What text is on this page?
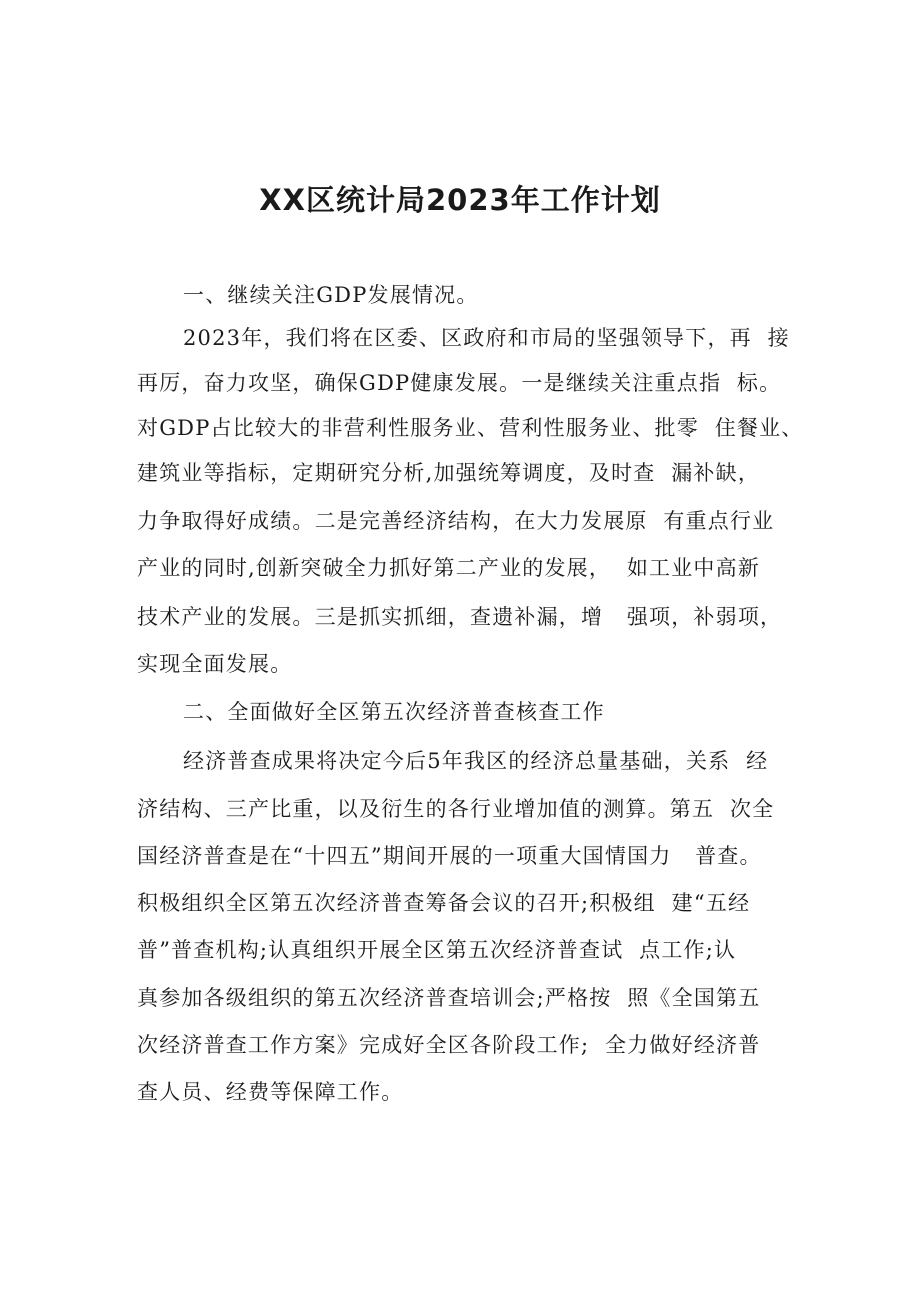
XX区统计局2023年工作计划
一、继续关注GDP发展情况。
2023年，我们将在区委、区政府和市局的坚强领导下，再  接
再厉，奋力攻坚，确保GDP健康发展。一是继续关注重点指  标。
对GDP占比较大的非营利性服务业、营利性服务业、批零  住餐业、
建筑业等指标，定期研究分析,加强统筹调度，及时查  漏补缺，
力争取得好成绩。二是完善经济结构，在大力发展原  有重点行业
产业的同时,创新突破全力抓好第二产业的发展，  如工业中高新
技术产业的发展。三是抓实抓细，查遗补漏，增   强项，补弱项，
实现全面发展。
二、全面做好全区第五次经济普查核查工作
经济普查成果将决定今后5年我区的经济总量基础，关系  经
济结构、三产比重，以及衍生的各行业增加值的测算。第五  次全
国经济普查是在“十四五”期间开展的一项重大国情国力   普查。
积极组织全区第五次经济普查筹备会议的召开;积极组  建“五经
普”普查机构;认真组织开展全区第五次经济普查试  点工作;认
真参加各级组织的第五次经济普查培训会;严格按  照《全国第五
次经济普查工作方案》完成好全区各阶段工作;  全力做好经济普
查人员、经费等保障工作。
